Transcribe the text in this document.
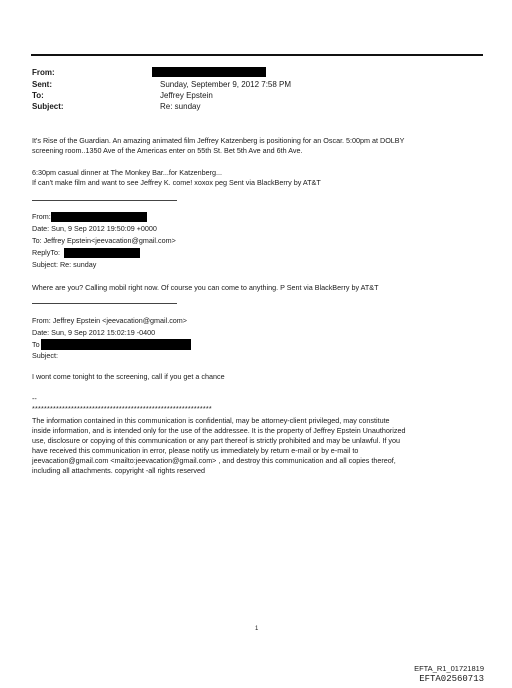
From:
Sent:	Sunday, September 9, 2012 7:58 PM
To:	Jeffrey Epstein
Subject:	Re: sunday
It's Rise of the Guardian. An amazing animated film Jeffrey Katzenberg is positioning for an Oscar. 5:00pm at DOLBY
screening room..1350 Ave of the Americas enter on 55th St. Bet 5th Ave and 6th Ave.
6:30pm casual dinner at The Monkey Bar...for Katzenberg...
If can't make film and want to see Jeffrey K. come! xoxox peg Sent via BlackBerry by AT&T
From:
Date: Sun, 9 Sep 2012 19:50:09 +0000
To: Jeffrey Epstein<jeevacation@gmail.com>
ReplyTo:
Subject: Re: sunday
Where are you? Calling mobil right now. Of course you can come to anything. P Sent via BlackBerry by AT&T
From: Jeffrey Epstein <jeevacation@gmail.com>
Date: Sun, 9 Sep 2012 15:02:19 -0400
To
Subject:
I wont come tonight to the screening, call if you get a chance
--
************************************************************
The information contained in this communication is confidential, may be attorney-client privileged, may constitute
inside information, and is intended only for the use of the addressee. It is the property of Jeffrey Epstein Unauthorized
use, disclosure or copying of this communication or any part thereof is strictly prohibited and may be unlawful. If you
have received this communication in error, please notify us immediately by return e-mail or by e-mail to
jeevacation@gmail.com <mailto:jeevacation@gmail.com> , and destroy this communication and all copies thereof,
including all attachments. copyright -all rights reserved
1
EFTA_R1_01721819
EFTA02560713
